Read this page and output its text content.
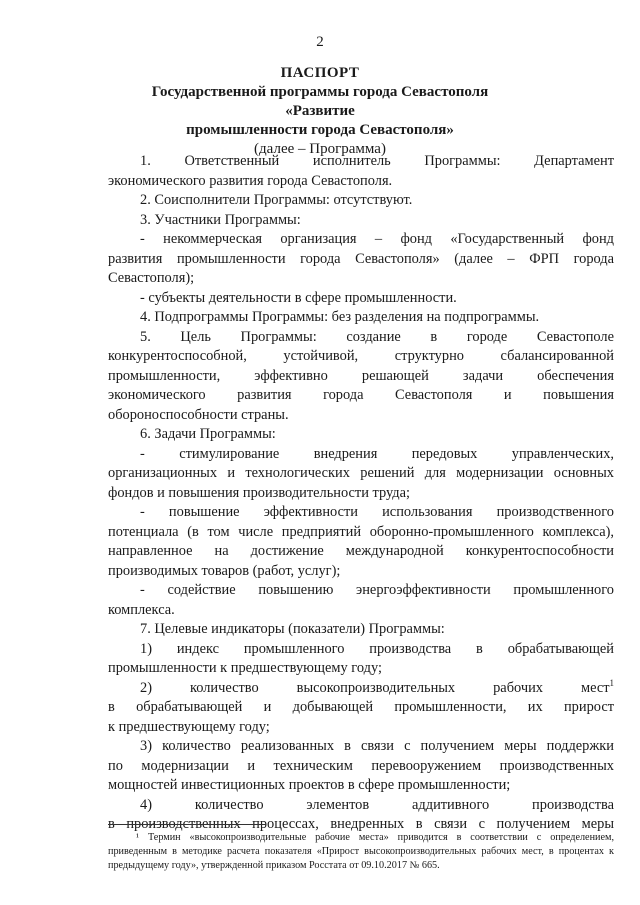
2
ПАСПОРТ
Государственной программы города Севастополя «Развитие
промышленности города Севастополя»
(далее – Программа)

1. Ответственный исполнитель Программы: Департамент

экономического развития города Севастополя.

2. Соисполнители Программы: отсутствуют.

3. Участники Программы:

- некоммерческая организация – фонд «Государственный фонд

развития промышленности города Севастополя» (далее – ФРП города

Севастополя);

- субъекты деятельности в сфере промышленности.

4. Подпрограммы Программы: без разделения на подпрограммы.

5. Цель Программы: создание в городе Севастополе

конкурентоспособной, устойчивой, структурно сбалансированной

промышленности, эффективно решающей задачи обеспечения

экономического развития города Севастополя и повышения

обороноспособности страны.

6. Задачи Программы:

- стимулирование внедрения передовых управленческих,

организационных и технологических решений для модернизации основных

фондов и повышения производительности труда;

- повышение эффективности использования производственного

потенциала (в том числе предприятий оборонно-промышленного комплекса),

направленное на достижение международной конкурентоспособности

производимых товаров (работ, услуг);

- содействие повышению энергоэффективности промышленного

комплекса.

7. Целевые индикаторы (показатели) Программы:

1) индекс промышленного производства в обрабатывающей

промышленности к предшествующему году;

2) количество высокопроизводительных рабочих мест$^1$

в обрабатывающей и добывающей промышленности, их прирост

к предшествующему году;

3) количество реализованных в связи с получением меры поддержки

по модернизации и техническим перевооружением производственных

мощностей инвестиционных проектов в сфере промышленности;

4) количество элементов аддитивного производства

в производственных процессах, внедренных в связи с получением меры

¹ Термин «высокопроизводительные рабочие места» приводится в соответствии с определением, приведенным в методике расчета показателя «Прирост высокопроизводительных рабочих мест, в процентах к предыдущему году», утвержденной приказом Росстата от 09.10.2017 № 665.
